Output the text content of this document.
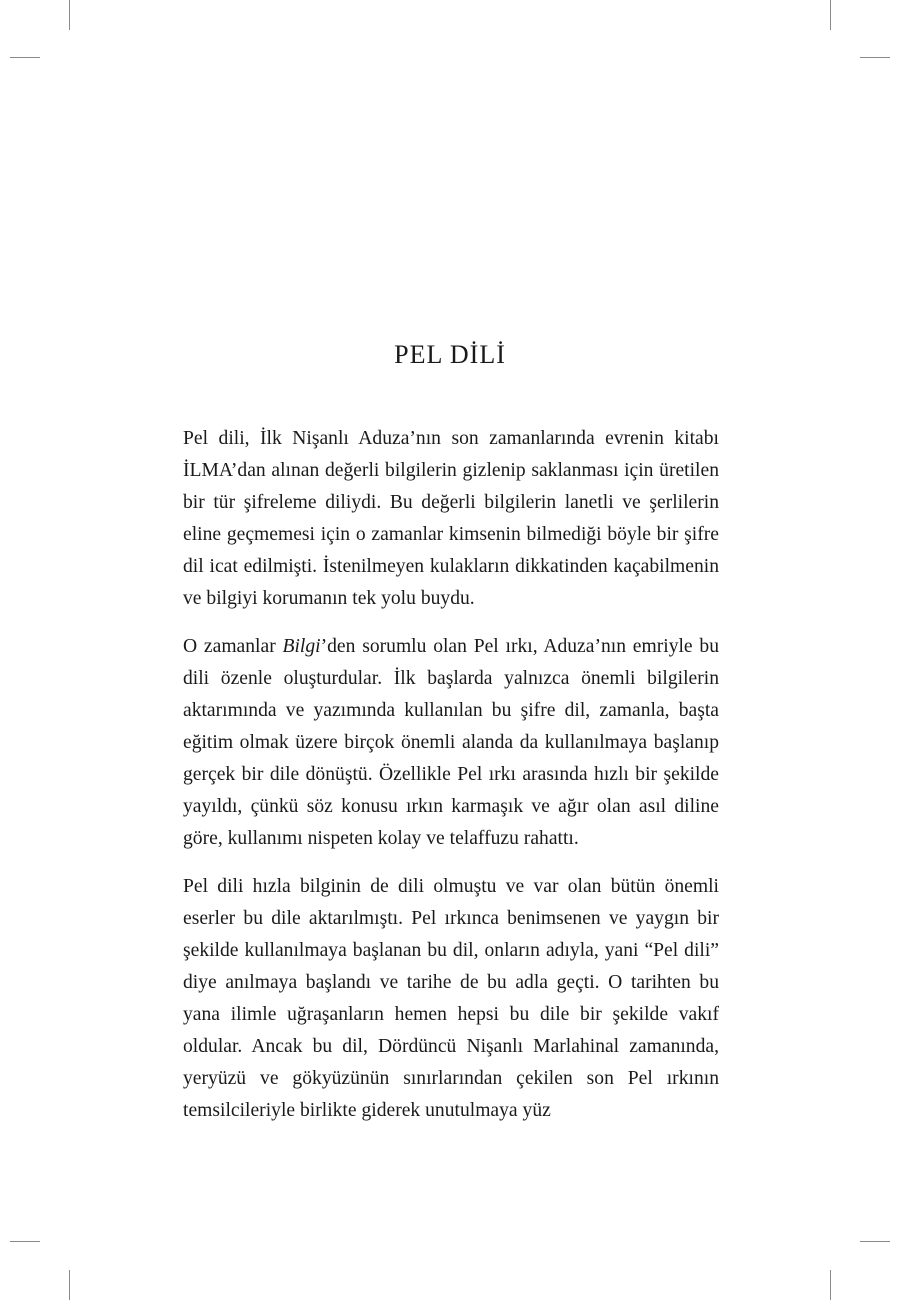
PEL DİLİ

Pel dili, İlk Nişanlı Aduza’nın son zamanlarında evrenin kitabı İLMA’dan alınan değerli bilgilerin gizlenip saklanması için üretilen bir tür şifreleme diliydi. Bu değerli bilgilerin lanetli ve şerlilerin eline geçmemesi için o zamanlar kimsenin bilmediği böyle bir şifre dil icat edilmişti. İstenilmeyen kulakların dikkatinden kaçabilmenin ve bilgiyi korumanın tek yolu buydu.

O zamanlar Bilgi’den sorumlu olan Pel ırkı, Aduza’nın emriyle bu dili özenle oluşturdular. İlk başlarda yalnızca önemli bilgilerin aktarımında ve yazımında kullanılan bu şifre dil, zamanla, başta eğitim olmak üzere birçok önemli alanda da kullanılmaya başlanıp gerçek bir dile dönüştü. Özellikle Pel ırkı arasında hızlı bir şekilde yayıldı, çünkü söz konusu ırkın karmaşık ve ağır olan asıl diline göre, kullanımı nispeten kolay ve telaffuzu rahattı.

Pel dili hızla bilginin de dili olmuştu ve var olan bütün önemli eserler bu dile aktarılmıştı. Pel ırkınca benimsenen ve yaygın bir şekilde kullanılmaya başlanan bu dil, onların adıyla, yani “Pel dili” diye anılmaya başlandı ve tarihe de bu adla geçti. O tarihten bu yana ilimle uğraşanların hemen hepsi bu dile bir şekilde vakıf oldular. Ancak bu dil, Dördüncü Nişanlı Marlahinal zamanında, yeryüzü ve gökyüzünün sınırlarından çekilen son Pel ırkının temsilcileriyle birlikte giderek unutulmaya yüz
